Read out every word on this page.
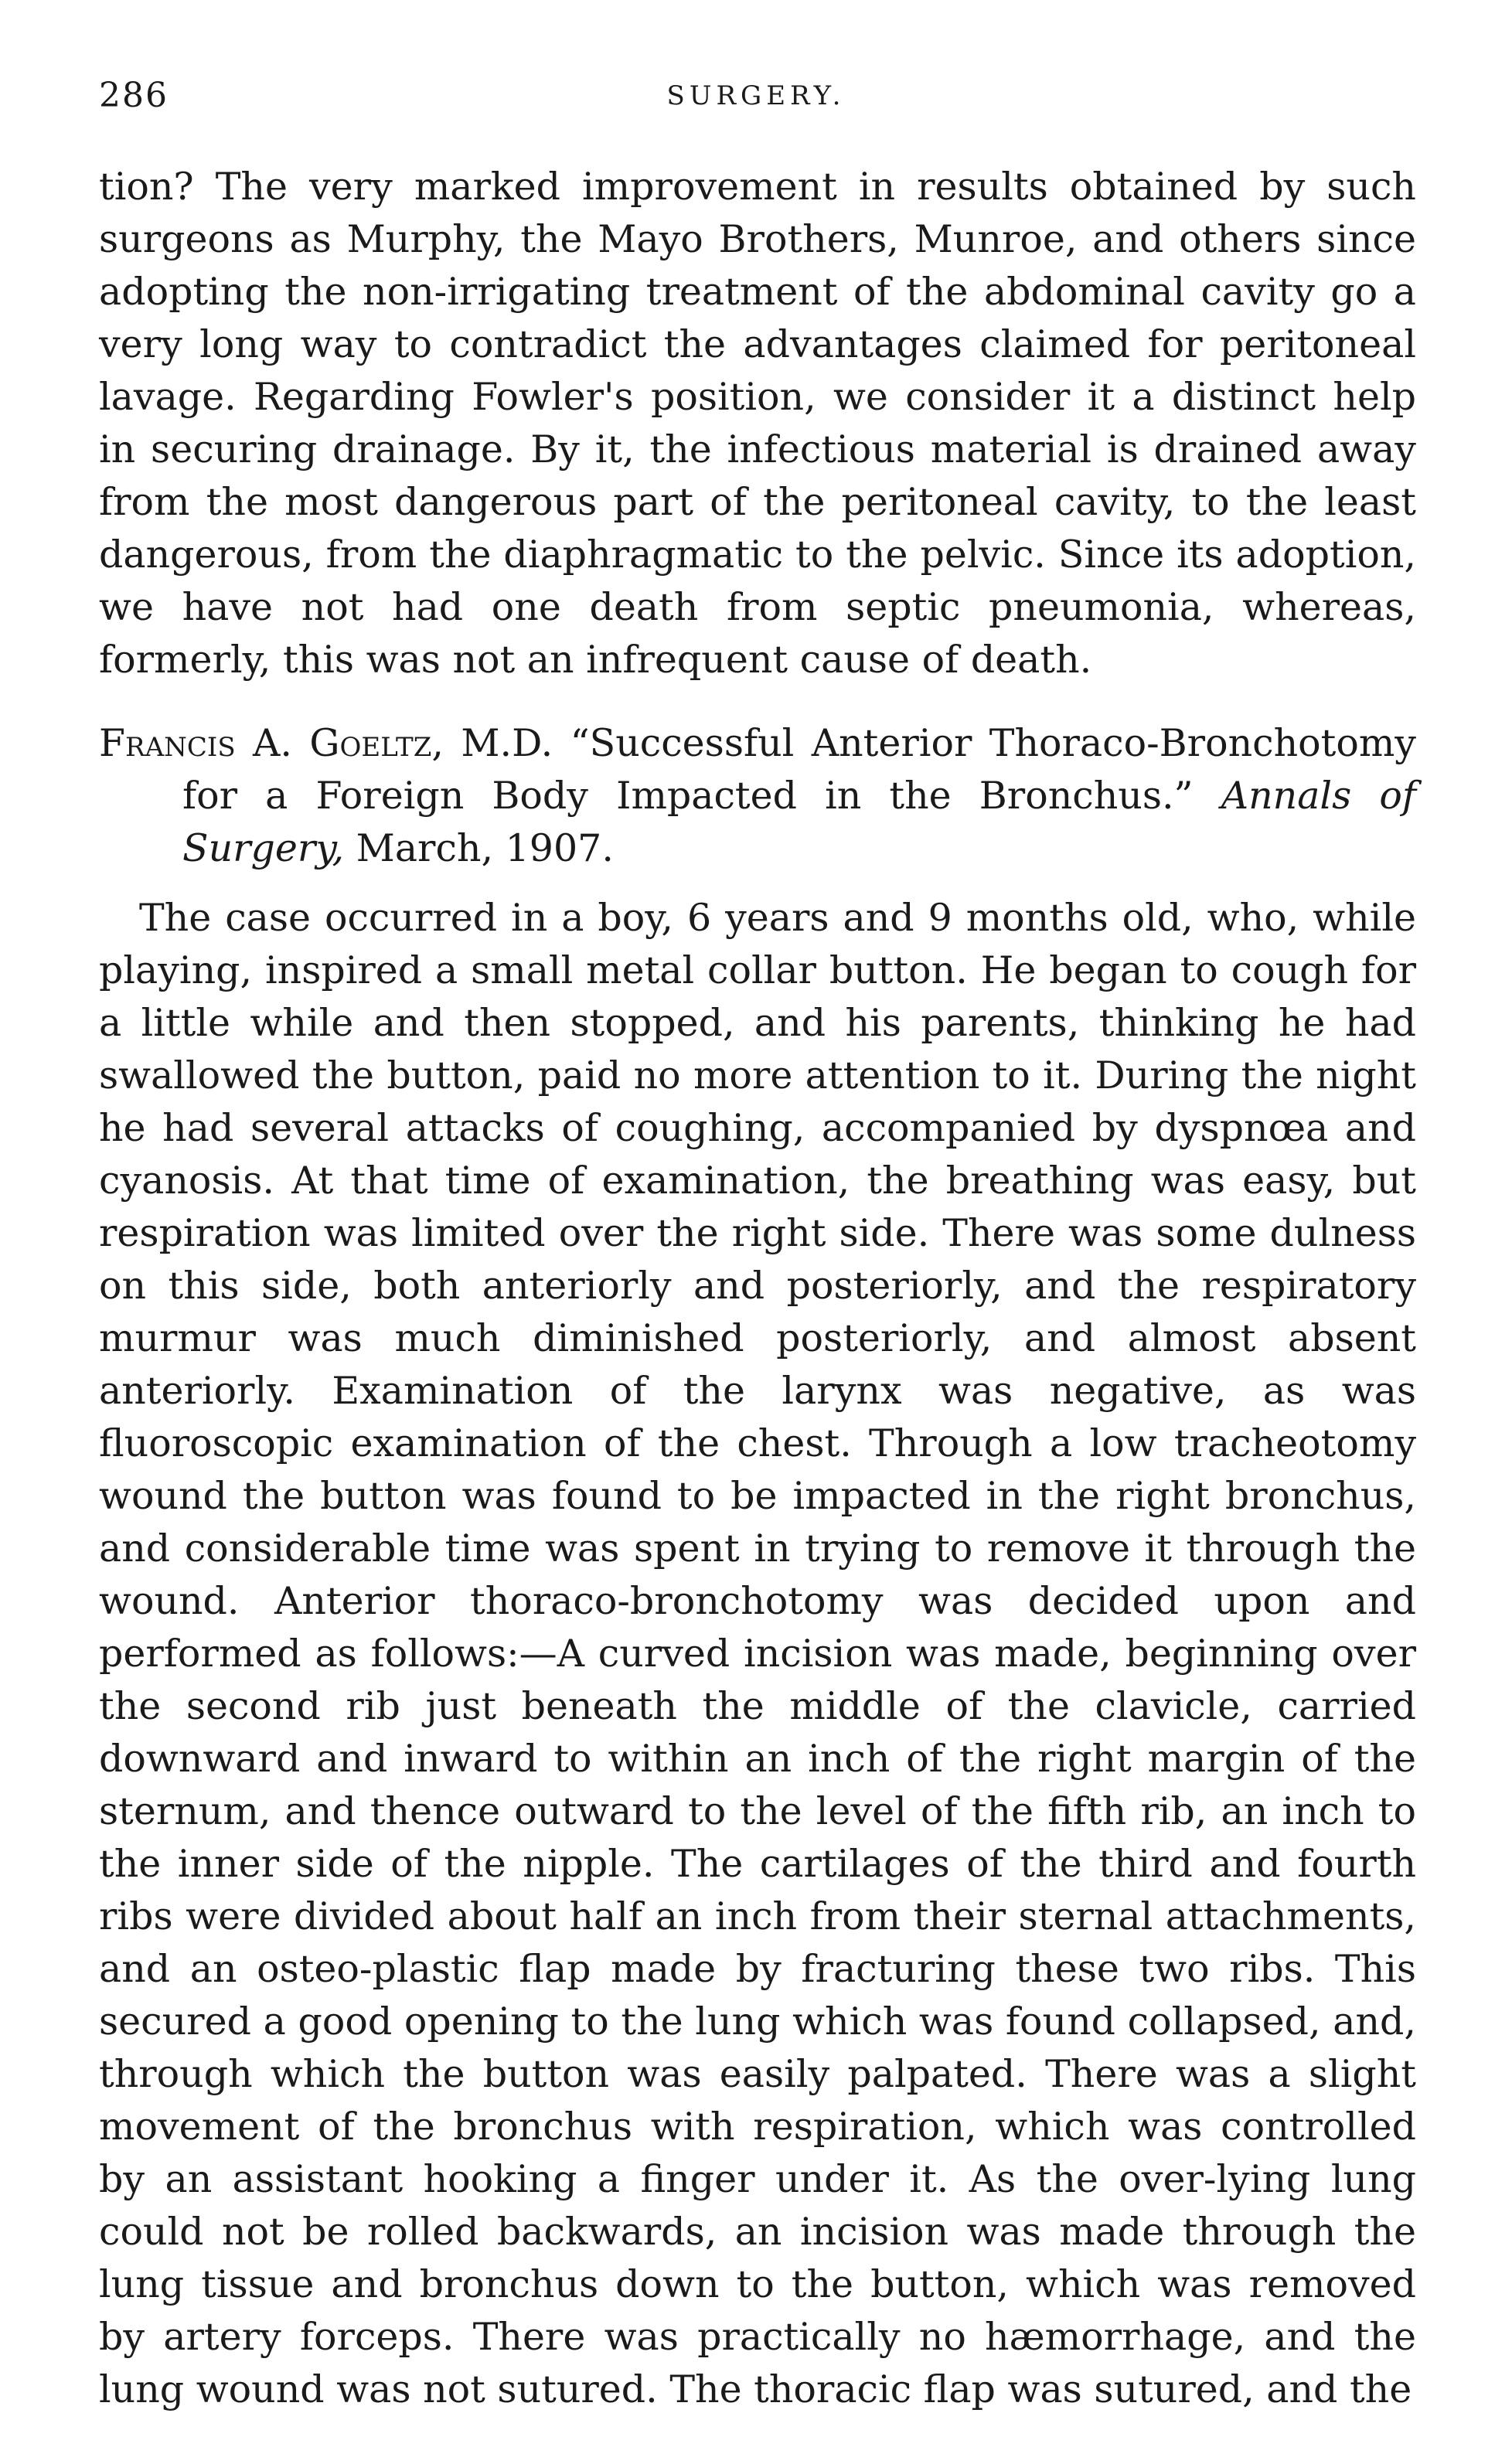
286	SURGERY.

tion? The very marked improvement in results obtained by such surgeons as Murphy, the Mayo Brothers, Munroe, and others since adopting the non-irrigating treatment of the abdominal cavity go a very long way to contradict the advantages claimed for peritoneal lavage. Regarding Fowler's position, we consider it a distinct help in securing drainage. By it, the infectious material is drained away from the most dangerous part of the peritoneal cavity, to the least dangerous, from the diaphragmatic to the pelvic. Since its adoption, we have not had one death from septic pneumonia, whereas, formerly, this was not an infrequent cause of death.

Francis A. Goeltz, M.D. “Successful Anterior Thoraco-Bronchotomy for a Foreign Body Impacted in the Bronchus.” Annals of Surgery, March, 1907.

The case occurred in a boy, 6 years and 9 months old, who, while playing, inspired a small metal collar button. He began to cough for a little while and then stopped, and his parents, thinking he had swallowed the button, paid no more attention to it. During the night he had several attacks of coughing, accompanied by dyspnœa and cyanosis. At that time of examination, the breathing was easy, but respiration was limited over the right side. There was some dulness on this side, both anteriorly and posteriorly, and the respiratory murmur was much diminished posteriorly, and almost absent anteriorly. Examination of the larynx was negative, as was fluoroscopic examination of the chest. Through a low tracheotomy wound the button was found to be impacted in the right bronchus, and considerable time was spent in trying to remove it through the wound. Anterior thoraco-bronchotomy was decided upon and performed as follows:—A curved incision was made, beginning over the second rib just beneath the middle of the clavicle, carried downward and inward to within an inch of the right margin of the sternum, and thence outward to the level of the fifth rib, an inch to the inner side of the nipple. The cartilages of the third and fourth ribs were divided about half an inch from their sternal attachments, and an osteo-plastic flap made by fracturing these two ribs. This secured a good opening to the lung which was found collapsed, and, through which the button was easily palpated. There was a slight movement of the bronchus with respiration, which was controlled by an assistant hooking a finger under it. As the over-lying lung could not be rolled backwards, an incision was made through the lung tissue and bronchus down to the button, which was removed by artery forceps. There was practically no hæmorrhage, and the lung wound was not sutured. The thoracic flap was sutured, and the
